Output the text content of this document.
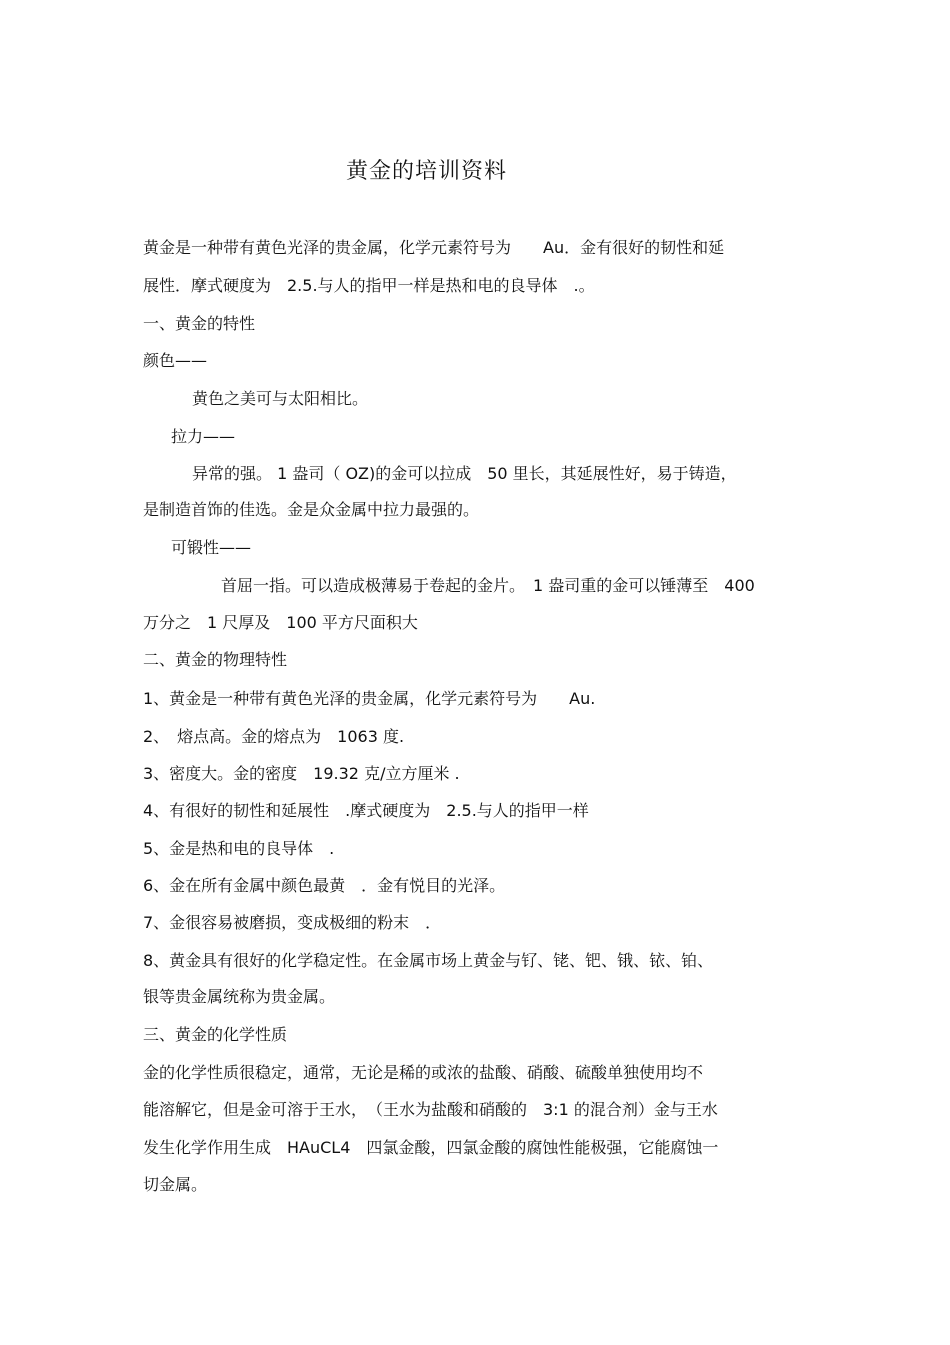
黄金的培训资料
黄金是一种带有黄色光泽的贵金属，化学元素符号为　　Au．金有很好的韧性和延
展性．摩式硬度为　2.5.与人的指甲一样是热和电的良导体　.。
一、黄金的特性
颜色——
黄色之美可与太阳相比。
拉力——
异常的强。 1 盎司（ OZ)的金可以拉成　50 里长，其延展性好，易于铸造，
是制造首饰的佳选。金是众金属中拉力最强的。
可锻性——
首屈一指。可以造成极薄易于卷起的金片。　1 盎司重的金可以锤薄至　400
万分之　1 尺厚及　100 平方尺面积大
二、黄金的物理特性
1、黄金是一种带有黄色光泽的贵金属，化学元素符号为　　Au.
2、　熔点高。金的熔点为　1063 度.
3、密度大。金的密度　19.32 克/立方厘米 .
4、有很好的韧性和延展性　.摩式硬度为　2.5.与人的指甲一样
5、金是热和电的良导体　.
6、金在所有金属中颜色最黄　．金有悦目的光泽。
7、金很容易被磨损，变成极细的粉末　．
8、黄金具有很好的化学稳定性。在金属市场上黄金与钌、铑、钯、锇、铱、铂、
银等贵金属统称为贵金属。
三、黄金的化学性质
金的化学性质很稳定，通常，无论是稀的或浓的盐酸、硝酸、硫酸单独使用均不
能溶解它，但是金可溶于王水，　（王水为盐酸和硝酸的　3:1 的混合剂）金与王水
发生化学作用生成　HAuCL4　四氯金酸，四氯金酸的腐蚀性能极强，它能腐蚀一
切金属。
